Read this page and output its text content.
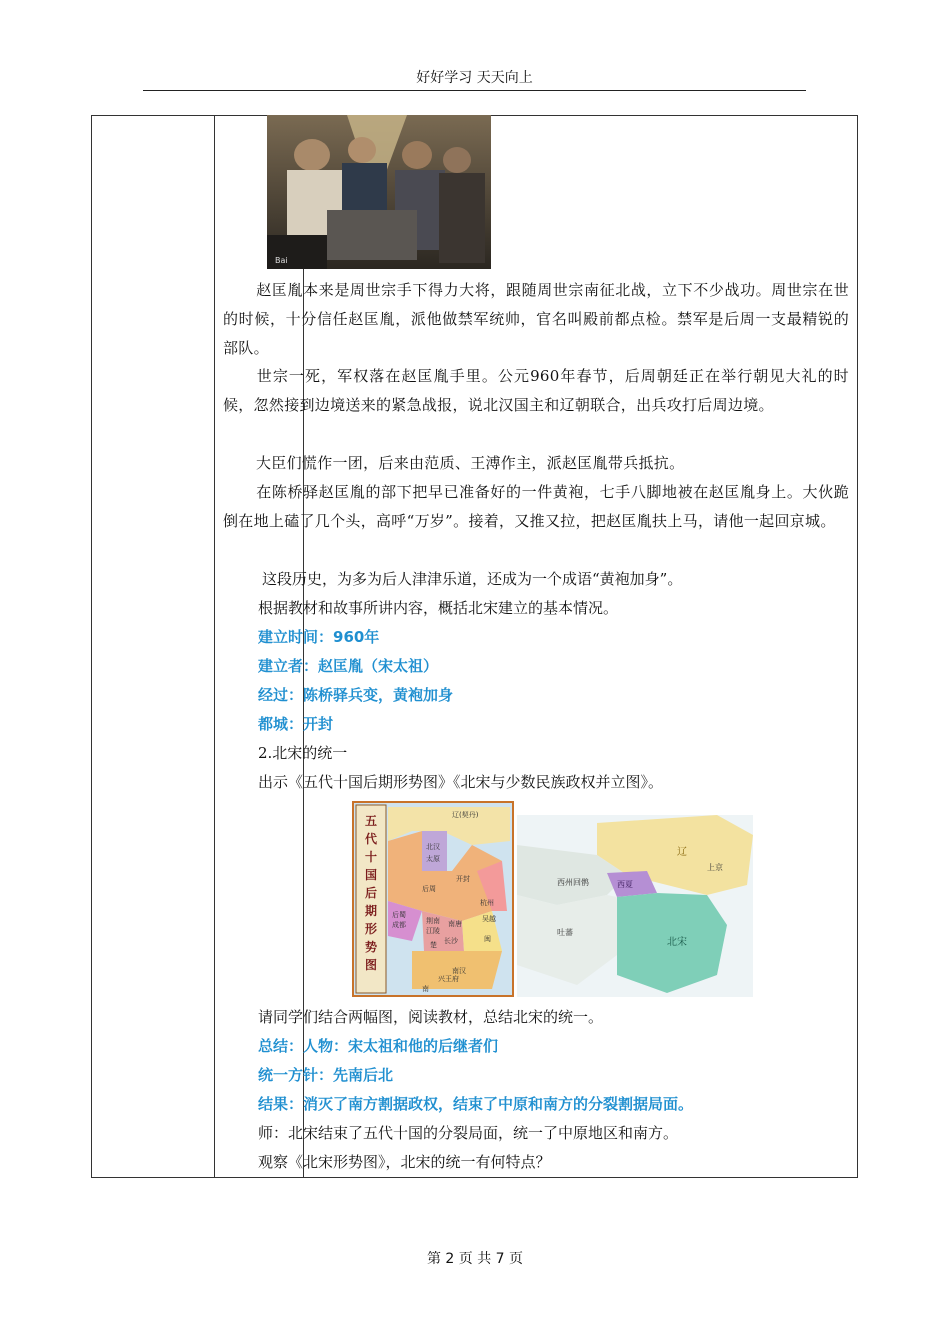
好好学习 天天向上
Bai

赵匡胤本来是周世宗手下得力大将，跟随周世宗南征北战，立下不少战功。周世宗在世的时候，十分信任赵匡胤，派他做禁军统帅，官名叫殿前都点检。禁军是后周一支最精锐的部队。

世宗一死，军权落在赵匡胤手里。公元960年春节，后周朝廷正在举行朝见大礼的时候，忽然接到边境送来的紧急战报，说北汉国主和辽朝联合，出兵攻打后周边境。

大臣们慌作一团，后来由范质、王溥作主，派赵匡胤带兵抵抗。

在陈桥驿赵匡胤的部下把早已准备好的一件黄袍，七手八脚地被在赵匡胤身上。大伙跪倒在地上磕了几个头，高呼“万岁”。接着，又推又拉，把赵匡胤扶上马，请他一起回京城。

这段历史，为多为后人津津乐道，还成为一个成语“黄袍加身”。

根据教材和故事所讲内容，概括北宋建立的基本情况。

建立时间：960年

建立者：赵匡胤（宋太祖）

经过：陈桥驿兵变，黄袍加身

都城：开封

2.北宋的统一

出示《五代十国后期形势图》《北宋与少数民族政权并立图》。

五
代
十
国
后
期
形
势
图
辽(契丹)
北汉
太原
后周
开封
南唐
吴越
杭州
后蜀
成都	荆南
江陵
楚 长沙
南汉
兴王府
闽
南
辽
上京
西夏
西州回鹘
吐蕃
北宋

请同学们结合两幅图，阅读教材，总结北宋的统一。

总结：人物：宋太祖和他的后继者们

统一方针：先南后北

结果：消灭了南方割据政权，结束了中原和南方的分裂割据局面。

师：北宋结束了五代十国的分裂局面，统一了中原地区和南方。

观察《北宋形势图》，北宋的统一有何特点？

第 2 页 共 7 页
